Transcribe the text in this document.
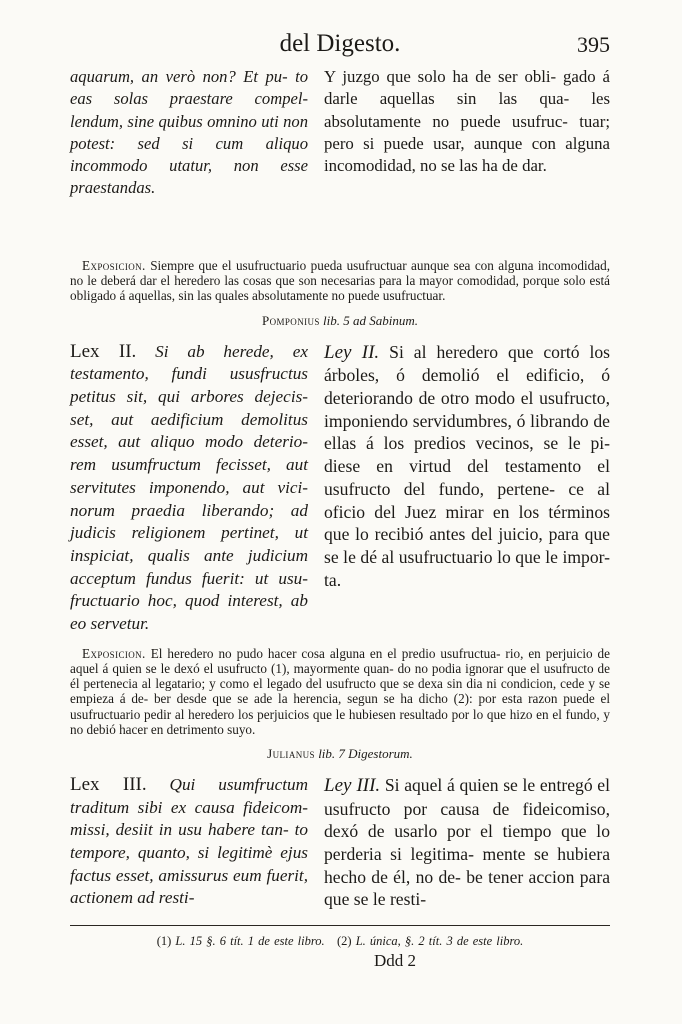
del Digesto.	395

aquarum, an verò non? Et pu- to eas solas praestare compel- lendum, sine quibus omnino uti non potest: sed si cum aliquo incommodo utatur, non esse praestandas.

Y juzgo que solo ha de ser obli- gado á darle aquellas sin las qua- les absolutamente no puede usufruc- tuar; pero si puede usar, aunque con alguna incomodidad, no se las ha de dar.

Exposicion. Siempre que el usufructuario pueda usufructuar aunque sea con alguna incomodidad, no le deberá dar el heredero las cosas que son necesarias para la mayor comodidad, porque solo está obligado á aquellas, sin las quales absolutamente no puede usufructuar.

Pomponius lib. 5 ad Sabinum.

Lex II. Si ab herede, ex testamento, fundi ususfructus petitus sit, qui arbores dejecis- set, aut aedificium demolitus esset, aut aliquo modo deterio- rem usumfructum fecisset, aut servitutes imponendo, aut vici- norum praedia liberando; ad judicis religionem pertinet, ut inspiciat, qualis ante judicium acceptum fundus fuerit: ut usu- fructuario hoc, quod interest, ab eo servetur.

Ley II. Si al heredero que cortó los árboles, ó demolió el edificio, ó deteriorando de otro modo el usufructo, imponiendo servidumbres, ó librando de ellas á los predios vecinos, se le pi- diese en virtud del testamento el usufructo del fundo, pertene- ce al oficio del Juez mirar en los términos que lo recibió antes del juicio, para que se le dé al usufructuario lo que le impor- ta.

Exposicion. El heredero no pudo hacer cosa alguna en el predio usufructua- rio, en perjuicio de aquel á quien se le dexó el usufructo (1), mayormente quan- do no podia ignorar que el usufructo de él pertenecia al legatario; y como el legado del usufructo que se dexa sin dia ni condicion, cede y se empieza á de- ber desde que se ade la herencia, segun se ha dicho (2): por esta razon puede el usufructuario pedir al heredero los perjuicios que le hubiesen resultado por lo que hizo en el fundo, y no debió hacer en detrimento suyo.

Julianus lib. 7 Digestorum.

Lex III. Qui usumfructum traditum sibi ex causa fideicom- missi, desiit in usu habere tan- to tempore, quanto, si legitimè ejus factus esset, amissurus eum fuerit, actionem ad resti-

Ley III. Si aquel á quien se le entregó el usufructo por causa de fideicomiso, dexó de usarlo por el tiempo que lo perderia si legitima- mente se hubiera hecho de él, no de- be tener accion para que se le resti-

(1) L. 15 §. 6 tít. 1 de este libro. (2) L. única, §. 2 tít. 3 de este libro.
Ddd 2
